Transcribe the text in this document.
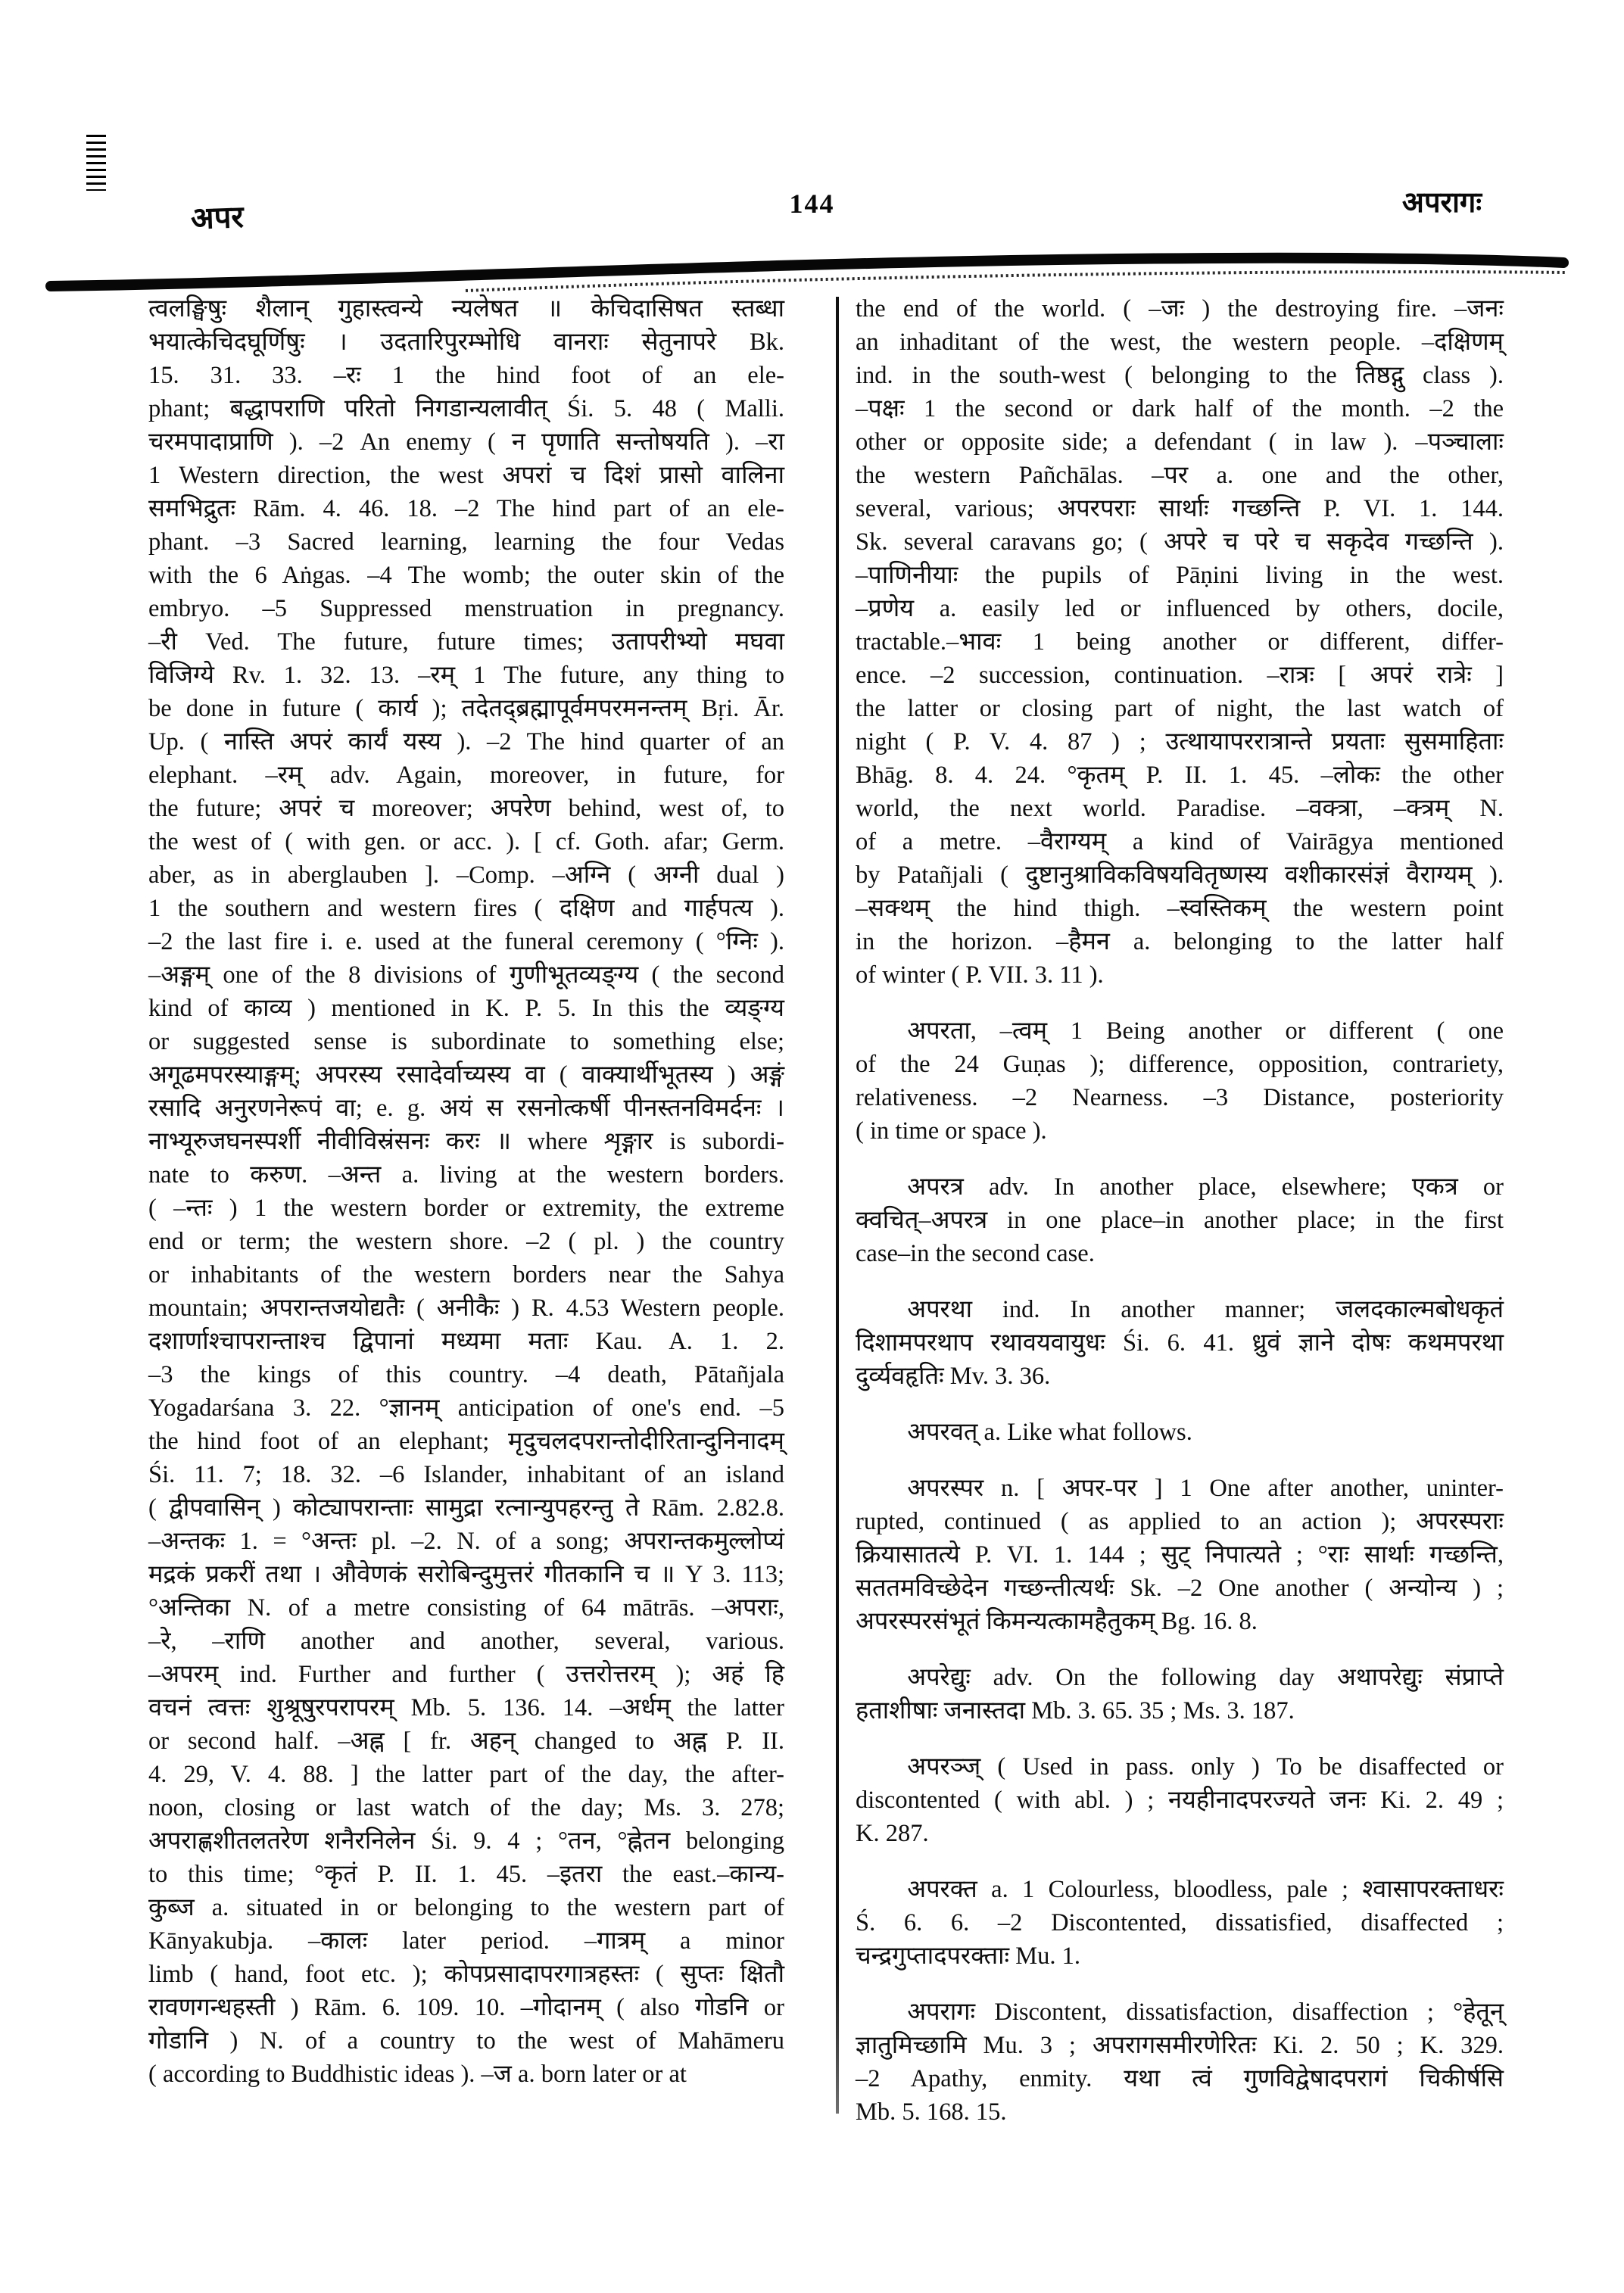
अपर	144	अपरागः
त्वलङ्घिषुः शैलान् गुहास्त्वन्ये न्यलेषत ॥ केचिदासिषत स्तब्धा
भयात्केचिदघूर्णिषुः । उदतारिपुरम्भोधि वानराः सेतुनापरे Bk.
15. 31. 33. –रः 1 the hind foot of an ele-
phant; बद्धापराणि परितो निगडान्यलावीत् Śi. 5. 48 ( Malli.
चरमपादाप्राणि ). –2 An enemy ( न पृणाति सन्तोषयति ). –रा
1 Western direction, the west अपरां च दिशं प्रासो वालिना
समभिद्रुतः Rām. 4. 46. 18. –2 The hind part of an ele-
phant. –3 Sacred learning, learning the four Vedas
with the 6 Aṅgas. –4 The womb; the outer skin of the
embryo. –5 Suppressed menstruation in pregnancy.
–री Ved. The future, future times; उतापरीभ्यो मघवा
विजिग्ये Rv. 1. 32. 13. –रम् 1 The future, any thing to
be done in future ( कार्य ); तदेतद्ब्रह्मापूर्वमपरमनन्तम् Bṛi. Ār.
Up. ( नास्ति अपरं कार्यं यस्य ). –2 The hind quarter of an
elephant. –रम् adv. Again, moreover, in future, for
the future; अपरं च moreover; अपरेण behind, west of, to
the west of ( with gen. or acc. ). [ cf. Goth. afar; Germ.
aber, as in aberglauben ]. –Comp. –अग्नि ( अग्नी dual )
1 the southern and western fires ( दक्षिण and गार्हपत्य ).
–2 the last fire i. e. used at the funeral ceremony ( °ग्निः ).
–अङ्गम् one of the 8 divisions of गुणीभूतव्यङ्ग्य ( the second
kind of काव्य ) mentioned in K. P. 5. In this the व्यङ्ग्य
or suggested sense is subordinate to something else;
अगूढमपरस्याङ्गम्; अपरस्य रसादेर्वाच्यस्य वा ( वाक्यार्थीभूतस्य ) अङ्गं
रसादि अनुरणनेरूपं वा; e. g. अयं स रसनोत्कर्षी पीनस्तनविमर्दनः ।
नाभ्यूरुजघनस्पर्शी नीवीविस्रंसनः करः ॥ where शृङ्गार is subordi-
nate to करुण. –अन्त a. living at the western borders.
( –न्तः ) 1 the western border or extremity, the extreme
end or term; the western shore. –2 ( pl. ) the country
or inhabitants of the western borders near the Sahya
mountain; अपरान्तजयोद्यतैः ( अनीकैः ) R. 4.53 Western people.
दशार्णाश्चापरान्ताश्च द्विपानां मध्यमा मताः Kau. A. 1. 2.
–3 the kings of this country. –4 death, Pātañjala
Yogadarśana 3. 22. °ज्ञानम् anticipation of one's end. –5
the hind foot of an elephant; मृदुचलदपरान्तोदीरितान्दुनिनादम्
Śi. 11. 7; 18. 32. –6 Islander, inhabitant of an island
( द्वीपवासिन् ) कोट्यापरान्ताः सामुद्रा रत्नान्युपहरन्तु ते Rām. 2.82.8.
–अन्तकः 1. = °अन्तः pl. –2. N. of a song; अपरान्तकमुल्लोप्यं
मद्रकं प्रकरीं तथा । औवेणकं सरोबिन्दुमुत्तरं गीतकानि च ॥ Y 3. 113;
°अन्तिका N. of a metre consisting of 64 mātrās. –अपराः,
–रे, –राणि another and another, several, various.
–अपरम् ind. Further and further ( उत्तरोत्तरम् ); अहं हि
वचनं त्वत्तः शुश्रूषुरपरापरम् Mb. 5. 136. 14. –अर्धम् the latter
or second half. –अह्न [ fr. अहन् changed to अह्न P. II.
4. 29, V. 4. 88. ] the latter part of the day, the after-
noon, closing or last watch of the day; Ms. 3. 278;
अपराह्णशीतलतरेण शनैरनिलेन Śi. 9. 4 ; °तन, °ह्नेतन belonging
to this time; °कृतं P. II. 1. 45. –इतरा the east.–कान्य-
कुब्ज a. situated in or belonging to the western part of
Kānyakubja. –कालः later period. –गात्रम् a minor
limb ( hand, foot etc. ); कोपप्रसादापरगात्रहस्तः ( सुप्तः क्षितौ
रावणगन्धहस्ती ) Rām. 6. 109. 10. –गोदानम् ( also गोडनि or
गोडानि ) N. of a country to the west of Mahāmeru
( according to Buddhistic ideas ). –ज a. born later or at
the end of the world. ( –जः ) the destroying fire. –जनः
an inhaditant of the west, the western people. –दक्षिणम्
ind. in the south-west ( belonging to the तिष्ठद्गु class ).
–पक्षः 1 the second or dark half of the month. –2 the
other or opposite side; a defendant ( in law ). –पञ्चालाः
the western Pañchālas. –पर a. one and the other,
several, various; अपरपराः सार्थाः गच्छन्ति P. VI. 1. 144.
Sk. several caravans go; ( अपरे च परे च सकृदेव गच्छन्ति ).
–पाणिनीयाः the pupils of Pāṇini living in the west.
–प्रणेय a. easily led or influenced by others, docile,
tractable.–भावः 1 being another or different, differ-
ence. –2 succession, continuation. –रात्रः [ अपरं रात्रेः ]
the latter or closing part of night, the last watch of
night ( P. V. 4. 87 ) ; उत्थायापररात्रान्ते प्रयताः सुसमाहिताः
Bhāg. 8. 4. 24. °कृतम् P. II. 1. 45. –लोकः the other
world, the next world. Paradise. –वक्त्रा, –क्त्रम् N.
of a metre. –वैराग्यम् a kind of Vairāgya mentioned
by Patañjali ( दुष्टानुश्राविकविषयवितृष्णस्य वशीकारसंज्ञं वैराग्यम् ).
–सक्थम् the hind thigh. –स्वस्तिकम् the western point
in the horizon. –हैमन a. belonging to the latter half
of winter ( P. VII. 3. 11 ).
अपरता, –त्वम् 1 Being another or different ( one
of the 24 Guṇas ); difference, opposition, contrariety,
relativeness. –2 Nearness. –3 Distance, posteriority
( in time or space ).
अपरत्र adv. In another place, elsewhere; एकत्र or
क्वचित्–अपरत्र in one place–in another place; in the first
case–in the second case.
अपरथा ind. In another manner; जलदकाल्मबोधकृतं
दिशामपरथाप रथावयवायुधः Śi. 6. 41. ध्रुवं ज्ञाने दोषः कथमपरथा
दुर्व्यवहृतिः Mv. 3. 36.
अपरवत् a. Like what follows.
अपरस्पर n. [ अपर-पर ] 1 One after another, uninter-
rupted, continued ( as applied to an action ); अपरस्पराः
क्रियासातत्ये P. VI. 1. 144 ; सुट् निपात्यते ; °राः सार्थाः गच्छन्ति,
सततमविच्छेदेन गच्छन्तीत्यर्थः Sk. –2 One another ( अन्योन्य ) ;
अपरस्परसंभूतं किमन्यत्कामहैतुकम् Bg. 16. 8.
अपरेद्युः adv. On the following day अथापरेद्युः संप्राप्ते
हताशीषाः जनास्तदा Mb. 3. 65. 35 ; Ms. 3. 187.
अपरञ्ज् ( Used in pass. only ) To be disaffected or
discontented ( with abl. ) ; नयहीनादपरज्यते जनः Ki. 2. 49 ;
K. 287.
अपरक्त a. 1 Colourless, bloodless, pale ; श्वासापरक्ताधरः
Ś. 6. 6. –2 Discontented, dissatisfied, disaffected ;
चन्द्रगुप्तादपरक्ताः Mu. 1.
अपरागः Discontent, dissatisfaction, disaffection ; °हेतून्
ज्ञातुमिच्छामि Mu. 3 ; अपरागसमीरणेरितः Ki. 2. 50 ; K. 329.
–2 Apathy, enmity. यथा त्वं गुणविद्वेषादपरागं चिकीर्षसि
Mb. 5. 168. 15.
